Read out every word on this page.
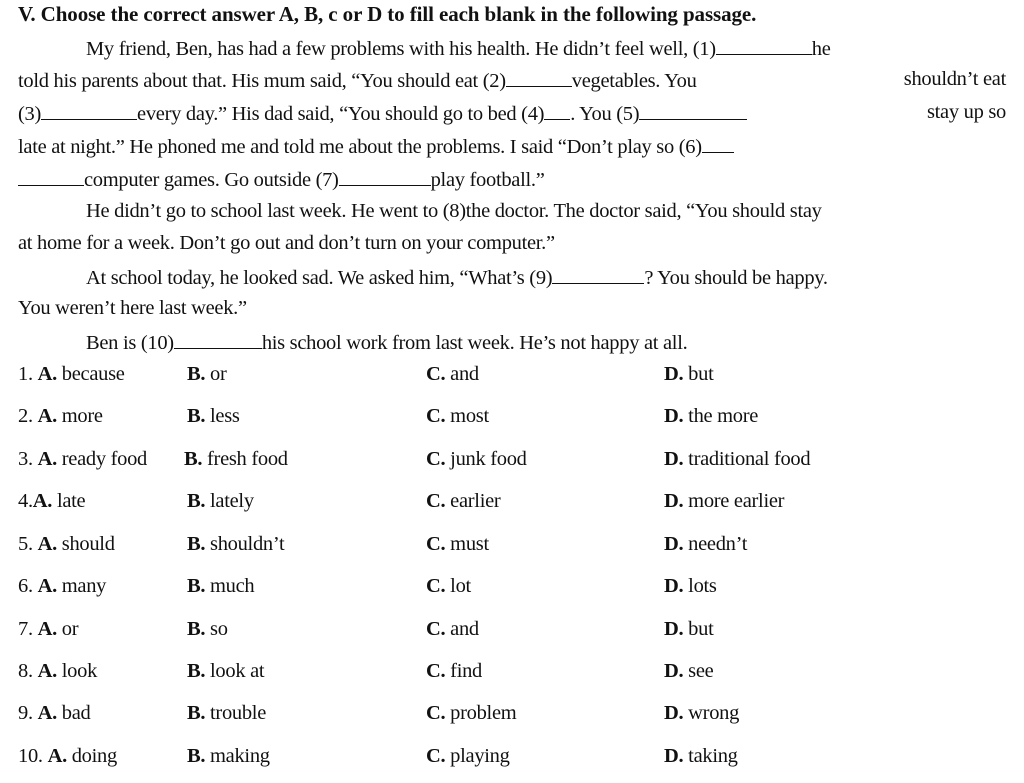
V. Choose the correct answer A, B, c or D to fill each blank in the following passage.
My friend, Ben, has had a few problems with his health. He didn’t feel well, (1)	he
told his parents about that. His mum said, “You should eat (2)	vegetables. You	shouldn’t eat
(3)	every day.” His dad said, “You should go to bed (4) . You (5)	stay up so
late at night.” He phoned me and told me about the problems. I said “Don’t play so (6)
computer games. Go outside (7)	play football.”
He didn’t go to school last week. He went to (8)the doctor. The doctor said, “You should stay
at home for a week. Don’t go out and don’t turn on your computer.”
At school today, he looked sad. We asked him, “What’s (9)	? You should be happy.
You weren’t here last week.”
Ben is (10)	his school work from last week. He’s not happy at all.
1. A. because	B. or	C. and	D. but
2. A. more	B. less	C. most	D. the more
3. A. ready food B. fresh food	C. junk food	D. traditional food
4.A. late	B. lately	C. earlier	D. more earlier
5. A. should	B. shouldn’t	C. must	D. needn’t
6. A. many	B. much	C. lot	D. lots
7. A. or	B. so	C. and	D. but
8. A. look	B. look at	C. find	D. see
9. A. bad	B. trouble	C. problem	D. wrong
10. A. doing	B. making	C. playing	D. taking
